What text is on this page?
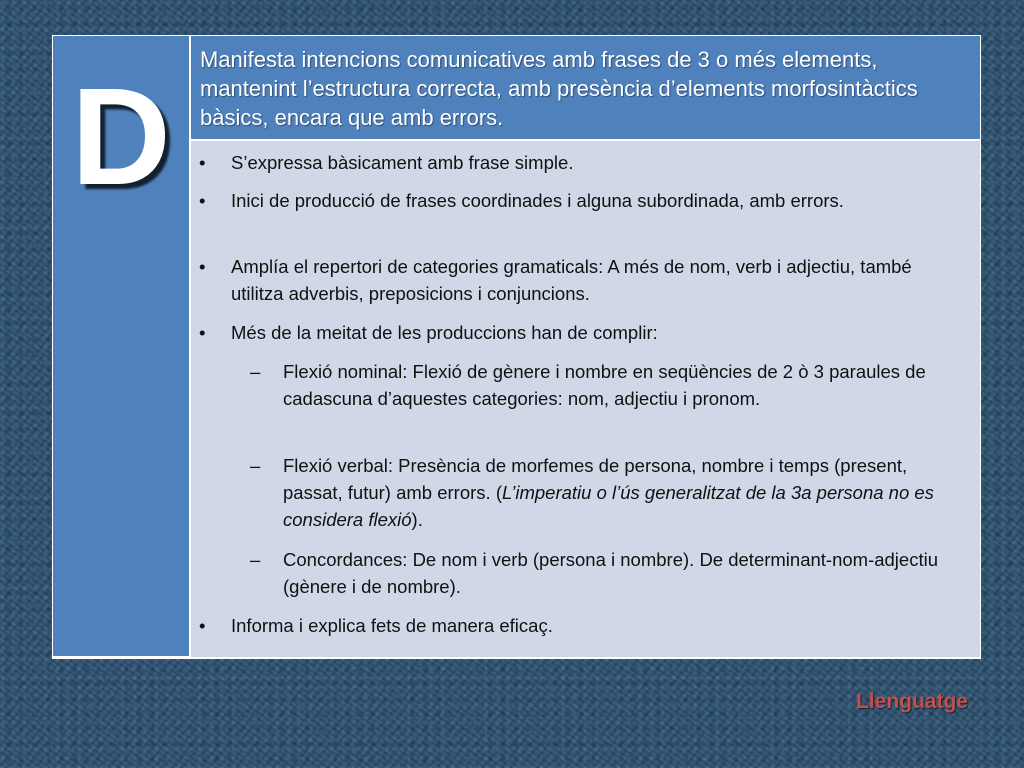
D
Manifesta intencions comunicatives amb frases de 3 o més elements, mantenint l’estructura correcta, amb presència d’elements morfosintàctics bàsics, encara que amb errors.
• S’expressa bàsicament amb frase simple.
• Inici de producció de frases coordinades i alguna subordinada, amb errors.
• Amplía el repertori de categories gramaticals: A més de nom, verb i adjectiu, també utilitza adverbis, preposicions i conjuncions.
• Més de la meitat de les produccions han de complir:
– Flexió nominal: Flexió de gènere i nombre en seqüències de 2 ò 3 paraules de cadascuna d’aquestes categories: nom, adjectiu i pronom.
– Flexió verbal: Presència de morfemes de persona, nombre i temps (present, passat, futur) amb errors. (L’imperatiu o l’ús generalitzat de la 3a persona no es considera flexió).
– Concordances: De nom i verb (persona i nombre). De determinant-nom-adjectiu (gènere i de nombre).
• Informa i explica fets de manera eficaç.
Llenguatge
